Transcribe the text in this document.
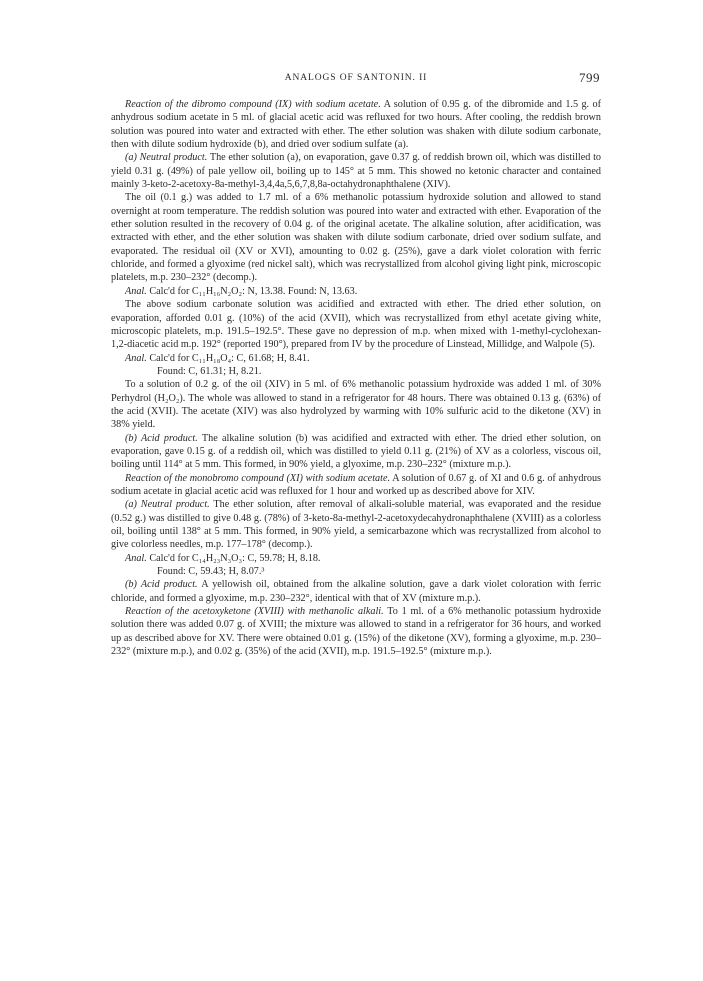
ANALOGS OF SANTONIN. II	799

Reaction of the dibromo compound (IX) with sodium acetate. A solution of 0.95 g. of the dibromide and 1.5 g. of anhydrous sodium acetate in 5 ml. of glacial acetic acid was refluxed for two hours. After cooling, the reddish brown solution was poured into water and extracted with ether. The ether solution was shaken with dilute sodium carbonate, then with dilute sodium hydroxide (b), and dried over sodium sulfate (a).

(a) Neutral product. The ether solution (a), on evaporation, gave 0.37 g. of reddish brown oil, which was distilled to yield 0.31 g. (49%) of pale yellow oil, boiling up to 145° at 5 mm. This showed no ketonic character and contained mainly 3-keto-2-acetoxy-8a-methyl-3,4,4a,5,6,7,8,8a-octahydronaphthalene (XIV).

The oil (0.1 g.) was added to 1.7 ml. of a 6% methanolic potassium hydroxide solution and allowed to stand overnight at room temperature. The reddish solution was poured into water and extracted with ether. Evaporation of the ether solution resulted in the recovery of 0.04 g. of the original acetate. The alkaline solution, after acidification, was extracted with ether, and the ether solution was shaken with dilute sodium carbonate, dried over sodium sulfate, and evaporated. The residual oil (XV or XVI), amounting to 0.02 g. (25%), gave a dark violet coloration with ferric chloride, and formed a glyoxime (red nickel salt), which was recrystallized from alcohol giving light pink, microscopic platelets, m.p. 230–232° (decomp.).

Anal. Calc'd for C₁₁H₁₆N₂O₂: N, 13.38. Found: N, 13.63.

The above sodium carbonate solution was acidified and extracted with ether. The dried ether solution, on evaporation, afforded 0.01 g. (10%) of the acid (XVII), which was recrystallized from ethyl acetate giving white, microscopic platelets, m.p. 191.5–192.5°. These gave no depression of m.p. when mixed with 1-methyl-cyclohexan-1,2-diacetic acid m.p. 192° (reported 190°), prepared from IV by the procedure of Linstead, Millidge, and Walpole (5).

Anal. Calc'd for C₁₁H₁₈O₄: C, 61.68; H, 8.41.

Found: C, 61.31; H, 8.21.

To a solution of 0.2 g. of the oil (XIV) in 5 ml. of 6% methanolic potassium hydroxide was added 1 ml. of 30% Perhydrol (H₂O₂). The whole was allowed to stand in a refrigerator for 48 hours. There was obtained 0.13 g. (63%) of the acid (XVII). The acetate (XIV) was also hydrolyzed by warming with 10% sulfuric acid to the diketone (XV) in 38% yield.

(b) Acid product. The alkaline solution (b) was acidified and extracted with ether. The dried ether solution, on evaporation, gave 0.15 g. of a reddish oil, which was distilled to yield 0.11 g. (21%) of XV as a colorless, viscous oil, boiling until 114° at 5 mm. This formed, in 90% yield, a glyoxime, m.p. 230–232° (mixture m.p.).

Reaction of the monobromo compound (XI) with sodium acetate. A solution of 0.67 g. of XI and 0.6 g. of anhydrous sodium acetate in glacial acetic acid was refluxed for 1 hour and worked up as described above for XIV.

(a) Neutral product. The ether solution, after removal of alkali-soluble material, was evaporated and the residue (0.52 g.) was distilled to give 0.48 g. (78%) of 3-keto-8a-methyl-2-acetoxydecahydronaphthalene (XVIII) as a colorless oil, boiling until 138° at 5 mm. This formed, in 90% yield, a semicarbazone which was recrystallized from alcohol to give colorless needles, m.p. 177–178° (decomp.).

Anal. Calc'd for C₁₄H₂₃N₃O₃: C, 59.78; H, 8.18.

Found: C, 59.43; H, 8.07.³

(b) Acid product. A yellowish oil, obtained from the alkaline solution, gave a dark violet coloration with ferric chloride, and formed a glyoxime, m.p. 230–232°, identical with that of XV (mixture m.p.).

Reaction of the acetoxyketone (XVIII) with methanolic alkali. To 1 ml. of a 6% methanolic potassium hydroxide solution there was added 0.07 g. of XVIII; the mixture was allowed to stand in a refrigerator for 36 hours, and worked up as described above for XV. There were obtained 0.01 g. (15%) of the diketone (XV), forming a glyoxime, m.p. 230–232° (mixture m.p.), and 0.02 g. (35%) of the acid (XVII), m.p. 191.5–192.5° (mixture m.p.).
